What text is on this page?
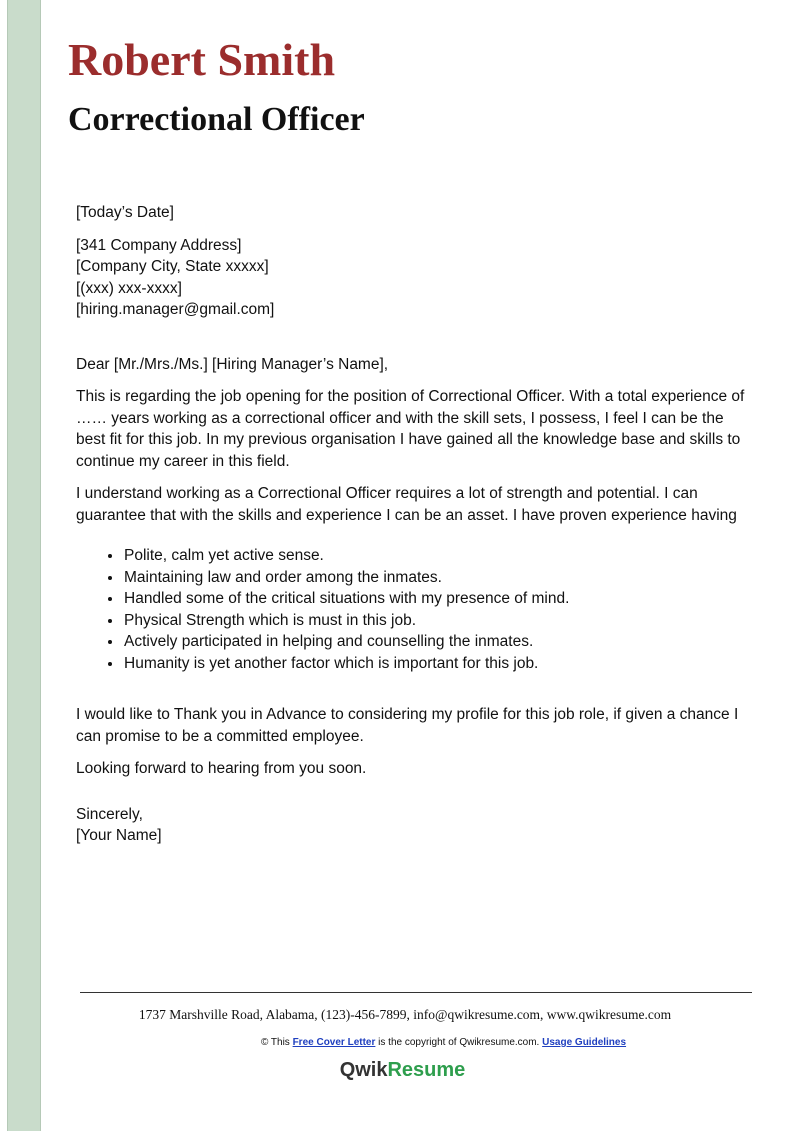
Robert Smith
Correctional Officer

[Today’s Date]

[341 Company Address]

[Company City, State xxxxx]

[(xxx) xxx-xxxx]

[hiring.manager@gmail.com]

Dear [Mr./Mrs./Ms.] [Hiring Manager’s Name],

This is regarding the job opening for the position of Correctional Officer. With a total experience of …… years working as a correctional officer and with the skill sets, I possess, I feel I can be the best fit for this job. In my previous organisation I have gained all the knowledge base and skills to continue my career in this field.

I understand working as a Correctional Officer requires a lot of strength and potential. I can guarantee that with the skills and experience I can be an asset. I have proven experience having

• Polite, calm yet active sense.
• Maintaining law and order among the inmates.
• Handled some of the critical situations with my presence of mind.
• Physical Strength which is must in this job.
• Actively participated in helping and counselling the inmates.
• Humanity is yet another factor which is important for this job.

I would like to Thank you in Advance to considering my profile for this job role, if given a chance I can promise to be a committed employee.

Looking forward to hearing from you soon.

Sincerely,

[Your Name]

1737 Marshville Road, Alabama, (123)-456-7899, info@qwikresume.com, www.qwikresume.com
© This Free Cover Letter is the copyright of Qwikresume.com. Usage Guidelines
QwikResume
